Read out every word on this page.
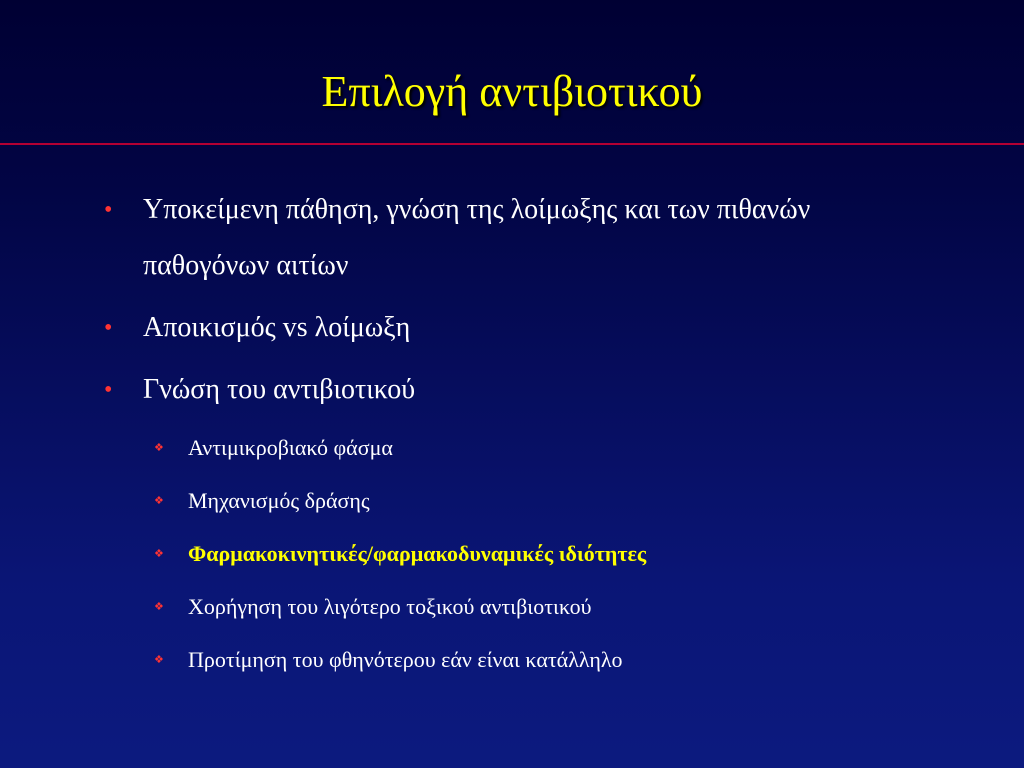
Επιλογή αντιβιοτικού
• Υποκείμενη πάθηση, γνώση της λοίμωξης και των πιθανών παθογόνων αιτίων
• Αποικισμός vs λοίμωξη
• Γνώση του αντιβιοτικού
❖ Αντιμικροβιακό φάσμα
❖ Μηχανισμός δράσης
❖ Φαρμακοκινητικές/φαρμακοδυναμικές ιδιότητες
❖ Χορήγηση του λιγότερο τοξικού αντιβιοτικού
❖ Προτίμηση του φθηνότερου εάν είναι κατάλληλο
